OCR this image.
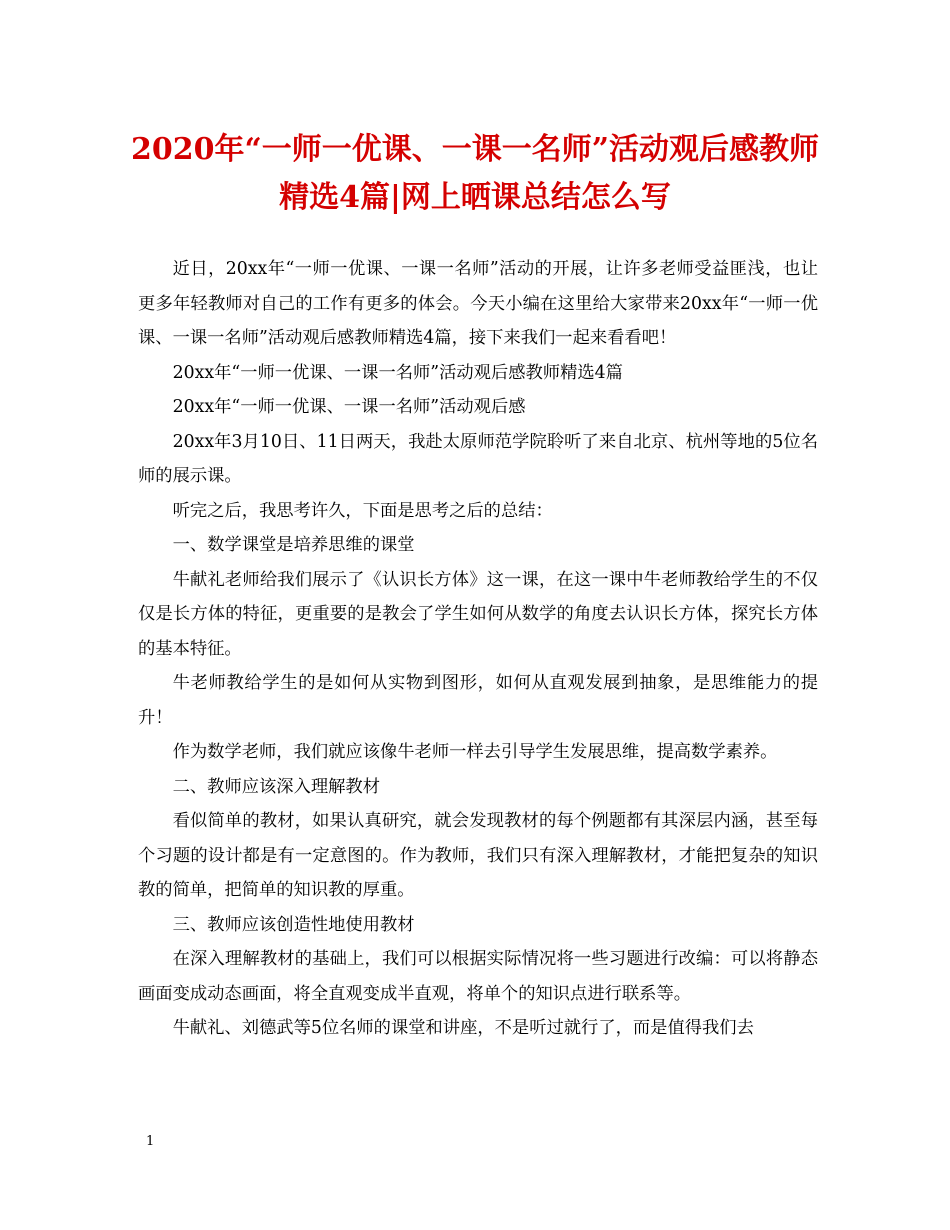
2020年“一师一优课、一课一名师”活动观后感教师
精选4篇|网上晒课总结怎么写

近日，20xx年“一师一优课、一课一名师”活动的开展，让许多老师受益匪浅，也让更多年轻教师对自己的工作有更多的体会。今天小编在这里给大家带来20xx年“一师一优课、一课一名师”活动观后感教师精选4篇，接下来我们一起来看看吧！

20xx年“一师一优课、一课一名师”活动观后感教师精选4篇

20xx年“一师一优课、一课一名师”活动观后感

20xx年3月10日、11日两天，我赴太原师范学院聆听了来自北京、杭州等地的5位名师的展示课。

听完之后，我思考许久，下面是思考之后的总结：

一、数学课堂是培养思维的课堂

牛献礼老师给我们展示了《认识长方体》这一课，在这一课中牛老师教给学生的不仅仅是长方体的特征，更重要的是教会了学生如何从数学的角度去认识长方体，探究长方体的基本特征。

牛老师教给学生的是如何从实物到图形，如何从直观发展到抽象，是思维能力的提升！

作为数学老师，我们就应该像牛老师一样去引导学生发展思维，提高数学素养。

二、教师应该深入理解教材

看似简单的教材，如果认真研究，就会发现教材的每个例题都有其深层内涵，甚至每个习题的设计都是有一定意图的。作为教师，我们只有深入理解教材，才能把复杂的知识教的简单，把简单的知识教的厚重。

三、教师应该创造性地使用教材

在深入理解教材的基础上，我们可以根据实际情况将一些习题进行改编：可以将静态画面变成动态画面，将全直观变成半直观，将单个的知识点进行联系等。

牛献礼、刘德武等5位名师的课堂和讲座，不是听过就行了，而是值得我们去

1
